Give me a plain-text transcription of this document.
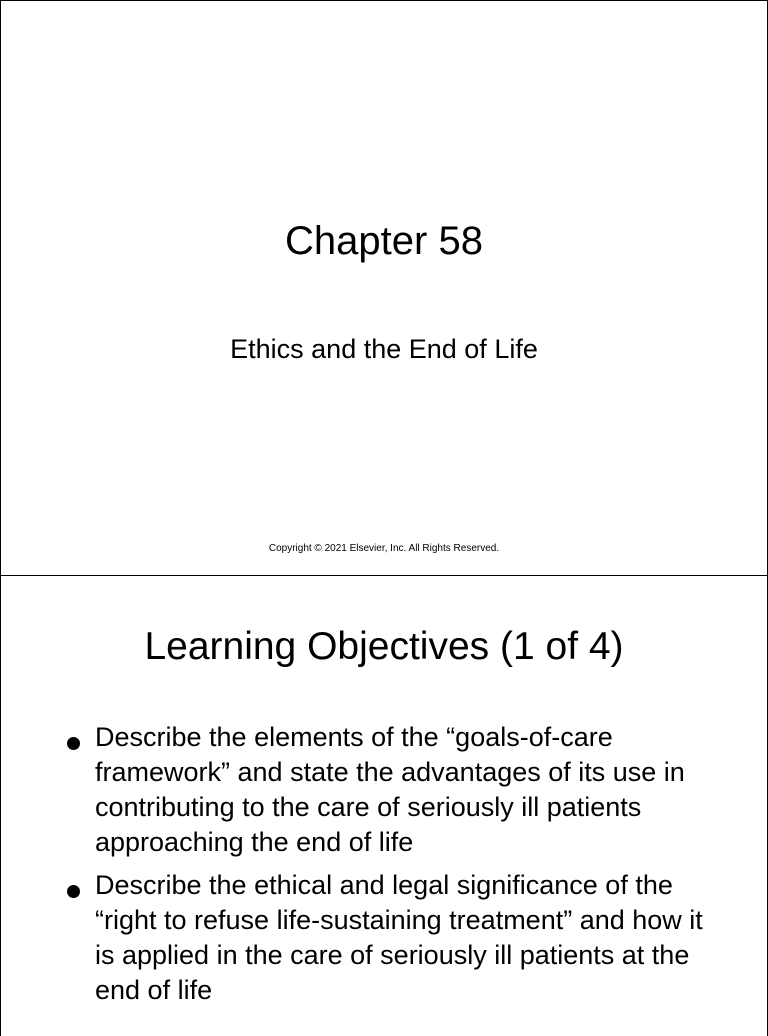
Chapter 58
Ethics and the End of Life
Copyright © 2021 Elsevier, Inc. All Rights Reserved.
Learning Objectives (1 of 4)
Describe the elements of the “goals-of-care framework” and state the advantages of its use in contributing to the care of seriously ill patients approaching the end of life
Describe the ethical and legal significance of the “right to refuse life-sustaining treatment” and how it is applied in the care of seriously ill patients at the end of life
